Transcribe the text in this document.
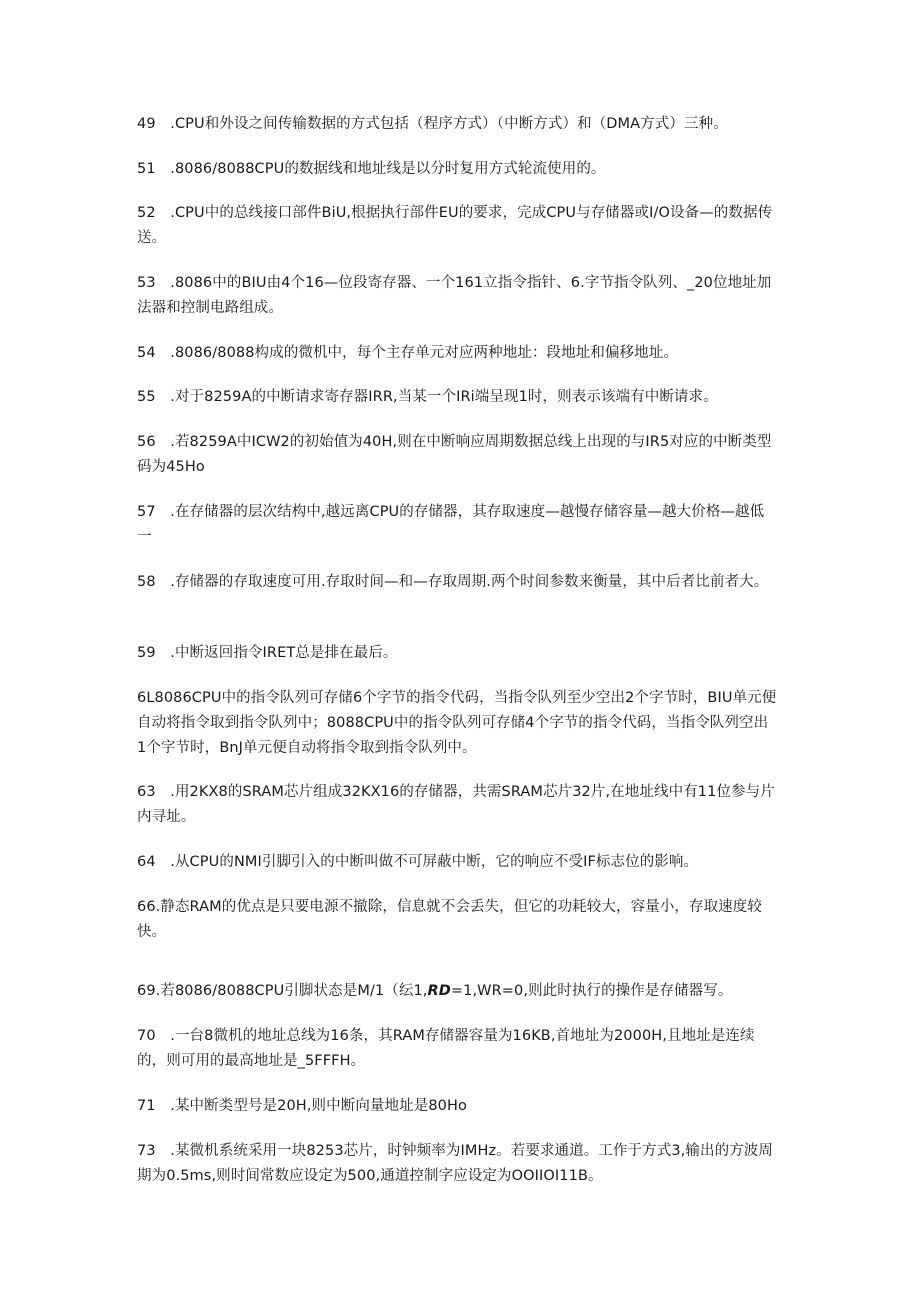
49　.CPU和外设之间传输数据的方式包括（程序方式）（中断方式）和（DMA方式）三种。

51　.8086/8088CPU的数据线和地址线是以分时复用方式轮流使用的。

52　.CPU中的总线接口部件BiU,根据执行部件EU的要求，完成CPU与存储器或I/O设备—的数据传送。

53　.8086中的BIU由4个16—位段寄存器、一个161立指令指针、6.字节指令队列、_20位地址加法器和控制电路组成。

54　.8086/8088构成的微机中，每个主存单元对应两种地址：段地址和偏移地址。

55　.对于8259A的中断请求寄存器IRR,当某一个IRi端呈现1时，则表示该端有中断请求。

56　.若8259A中ICW2的初始值为40H,则在中断响应周期数据总线上出现的与IR5对应的中断类型码为45Ho

57　.在存储器的层次结构中,越远离CPU的存储器，其存取速度—越慢存储容量—越大价格—越低一

58　.存储器的存取速度可用.存取时间—和—存取周期.两个时间参数来衡量，其中后者比前者大。

59　.中断返回指令IRET总是排在最后。

6L8086CPU中的指令队列可存储6个字节的指令代码，当指令队列至少空出2个字节时，BIU单元便自动将指令取到指令队列中；8088CPU中的指令队列可存储4个字节的指令代码，当指令队列空出1个字节时，BnJ单元便自动将指令取到指令队列中。

63　.用2KX8的SRAM芯片组成32KX16的存储器，共需SRAM芯片32片,在地址线中有11位参与片内寻址。

64　.从CPU的NMI引脚引入的中断叫做不可屏蔽中断，它的响应不受IF标志位的影响。

66.静态RAM的优点是只要电源不撤除，信息就不会丢失，但它的功耗较大，容量小，存取速度较快。

69.若8086/8088CPU引脚状态是M/1（纭1,RD=1,WR=0,则此时执行的操作是存储器写。

70　.一台8微机的地址总线为16条，其RAM存储器容量为16KB,首地址为2000H,且地址是连续的，则可用的最高地址是_5FFFH。

71　.某中断类型号是20H,则中断向量地址是80Ho

73　.某微机系统采用一块8253芯片，时钟频率为IMHz。若要求通道。工作于方式3,输出的方波周期为0.5ms,则时间常数应设定为500,通道控制字应设定为OOIIOI11B。
